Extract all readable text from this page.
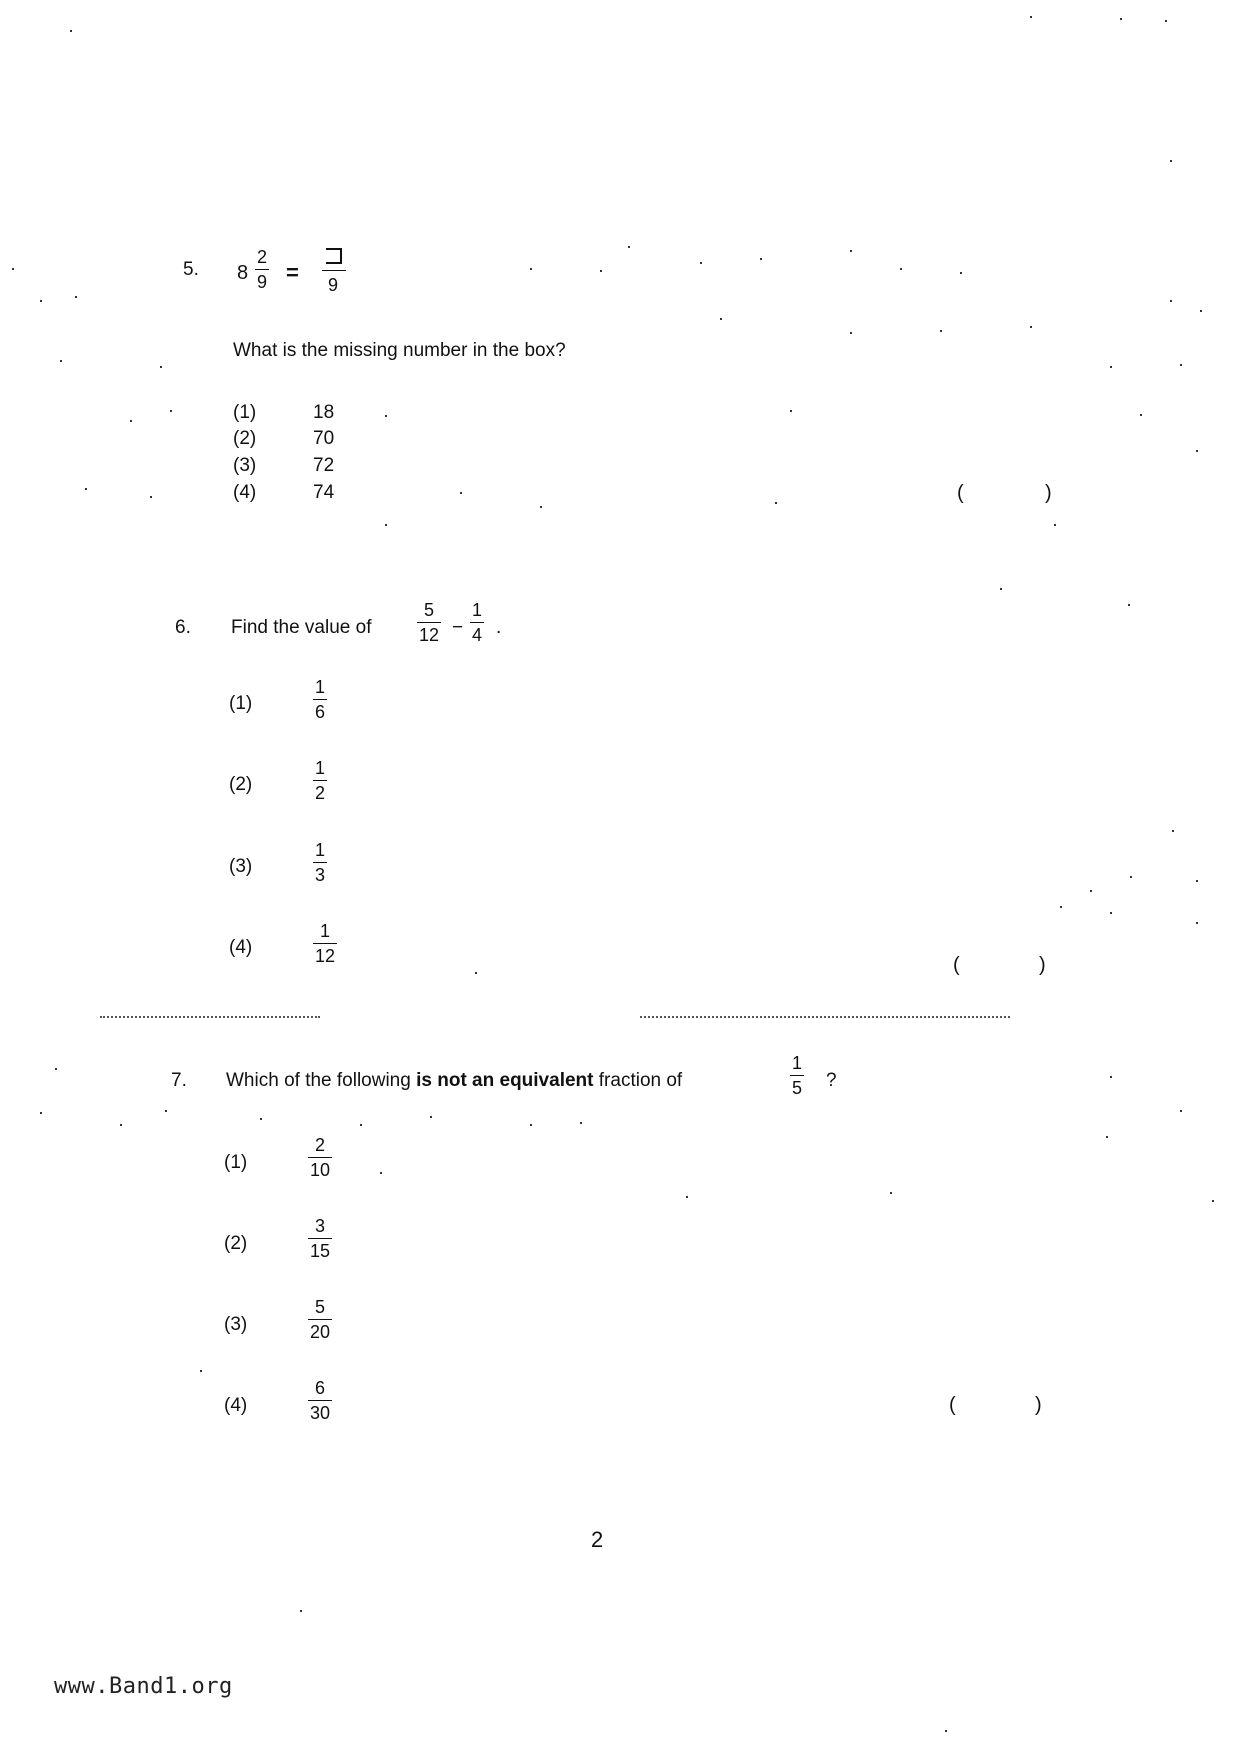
5. 8
2
9 = 9
What is the missing number in the box?
(1)	18
(2)	70
(3)	72
(4)	74	(	)
6. Find the value of
5
12 −
1
4 .
(1)
1
6
(2)
1
2
(3)
1
3
(4)
1
12	(	)
7. Which of the following is not an equivalent fraction of
1
5 ?
(1)
2
10
(2)
3
15
(3)
5
20
(4)
6
30	(	)
2
www.Band1.org
